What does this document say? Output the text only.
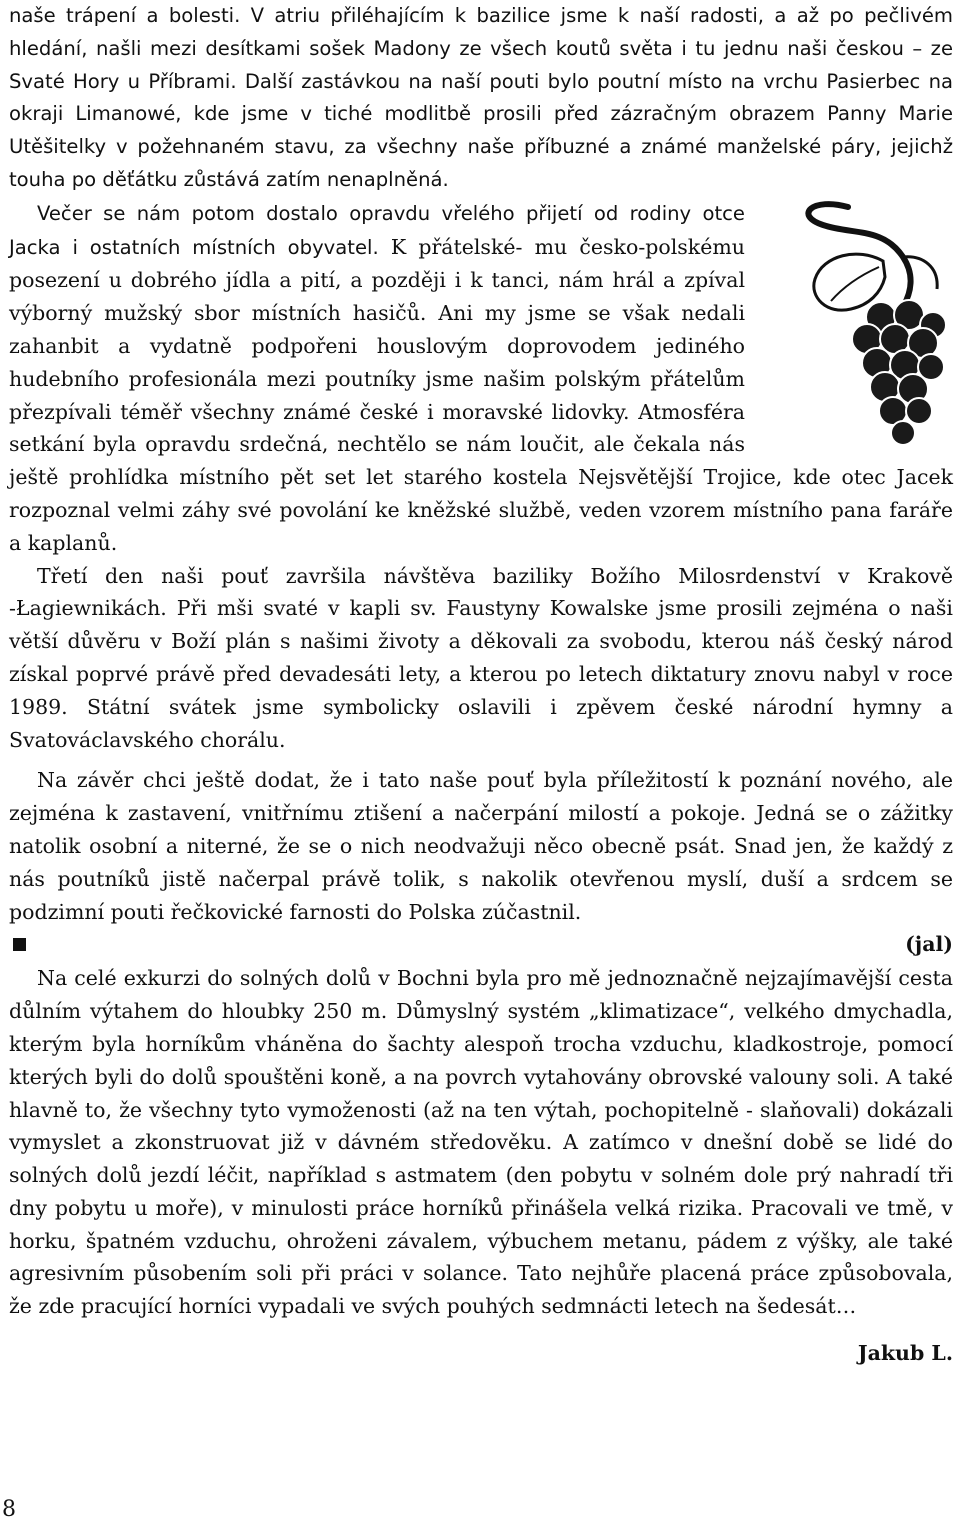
naše trápení a bolesti. V atriu přiléhajícím k bazilice jsme k naší radosti, a až po pečlivém hledání, našli mezi desítkami sošek Madony ze všech koutů světa i tu jednu naši českou – ze Svaté Hory u Příbrami. Další zastávkou na naší pouti bylo poutní místo na vrchu Pasierbec na okraji Limanowé, kde jsme v tiché modlitbě prosili před zázračným obrazem Panny Marie Utěšitelky v požehnaném stavu, za všechny naše příbuzné a známé manželské páry, jejichž touha po děťátku zůstává zatím nenaplněná.

Večer se nám potom dostalo opravdu vřelého přijetí od rodiny otce Jacka i ostatních místních obyvatel. K přátelské- mu česko-polskému posezení u dobrého jídla a pití, a později i k tanci, nám hrál a zpíval výborný mužský sbor místních hasičů. Ani my jsme se však nedali zahanbit a vydatně podpořeni houslovým doprovodem jediného hudebního profesionála mezi poutníky jsme našim polským přátelům přezpívali téměř všechny známé české i moravské lidovky. Atmosféra setkání byla opravdu srdečná, nechtělo se nám loučit, ale čekala nás ještě prohlídka místního pět set let starého kostela Nejsvětější Trojice, kde otec Jacek rozpoznal velmi záhy své povolání ke kněžské službě, veden vzorem místního pana faráře a kaplanů.

Třetí den naši pouť završila návštěva baziliky Božího Milosrdenství v Krakově -Łagiewnikách. Při mši svaté v kapli sv. Faustyny Kowalske jsme prosili zejména o naši větší důvěru v Boží plán s našimi životy a děkovali za svobodu, kterou náš český národ získal poprvé právě před devadesáti lety, a kterou po letech diktatury znovu nabyl v roce 1989. Státní svátek jsme symbolicky oslavili i zpěvem české národní hymny a Svatováclavského chorálu.

Na závěr chci ještě dodat, že i tato naše pouť byla příležitostí k poznání nového, ale zejména k zastavení, vnitřnímu ztišení a načerpání milostí a pokoje. Jedná se o zážitky natolik osobní a niterné, že se o nich neodvažuji něco obecně psát. Snad jen, že každý z nás poutníků jistě načerpal právě tolik, s nakolik otevřenou myslí, duší a srdcem se podzimní pouti řečkovické farnosti do Polska zúčastnil.

(jal)

Na celé exkurzi do solných dolů v Bochni byla pro mě jednoznačně nejzajímavější cesta důlním výtahem do hloubky 250 m. Důmyslný systém „klimatizace“, velkého dmychadla, kterým byla horníkům vháněna do šachty alespoň trocha vzduchu, kladkostroje, pomocí kterých byli do dolů spouštěni koně, a na povrch vytahovány obrovské valouny soli. A také hlavně to, že všechny tyto vymoženosti (až na ten výtah, pochopitelně - slaňovali) dokázali vymyslet a zkonstruovat již v dávném středověku. A zatímco v dnešní době se lidé do solných dolů jezdí léčit, například s astmatem (den pobytu v solném dole prý nahradí tři dny pobytu u moře), v minulosti práce horníků přinášela velká rizika. Pracovali ve tmě, v horku, špatném vzduchu, ohroženi závalem, výbuchem metanu, pádem z výšky, ale také agresivním působením soli při práci v solance. Tato nejhůře placená práce způsobovala, že zde pracující horníci vypadali ve svých pouhých sedmnácti letech na šedesát…

Jakub L.
8
